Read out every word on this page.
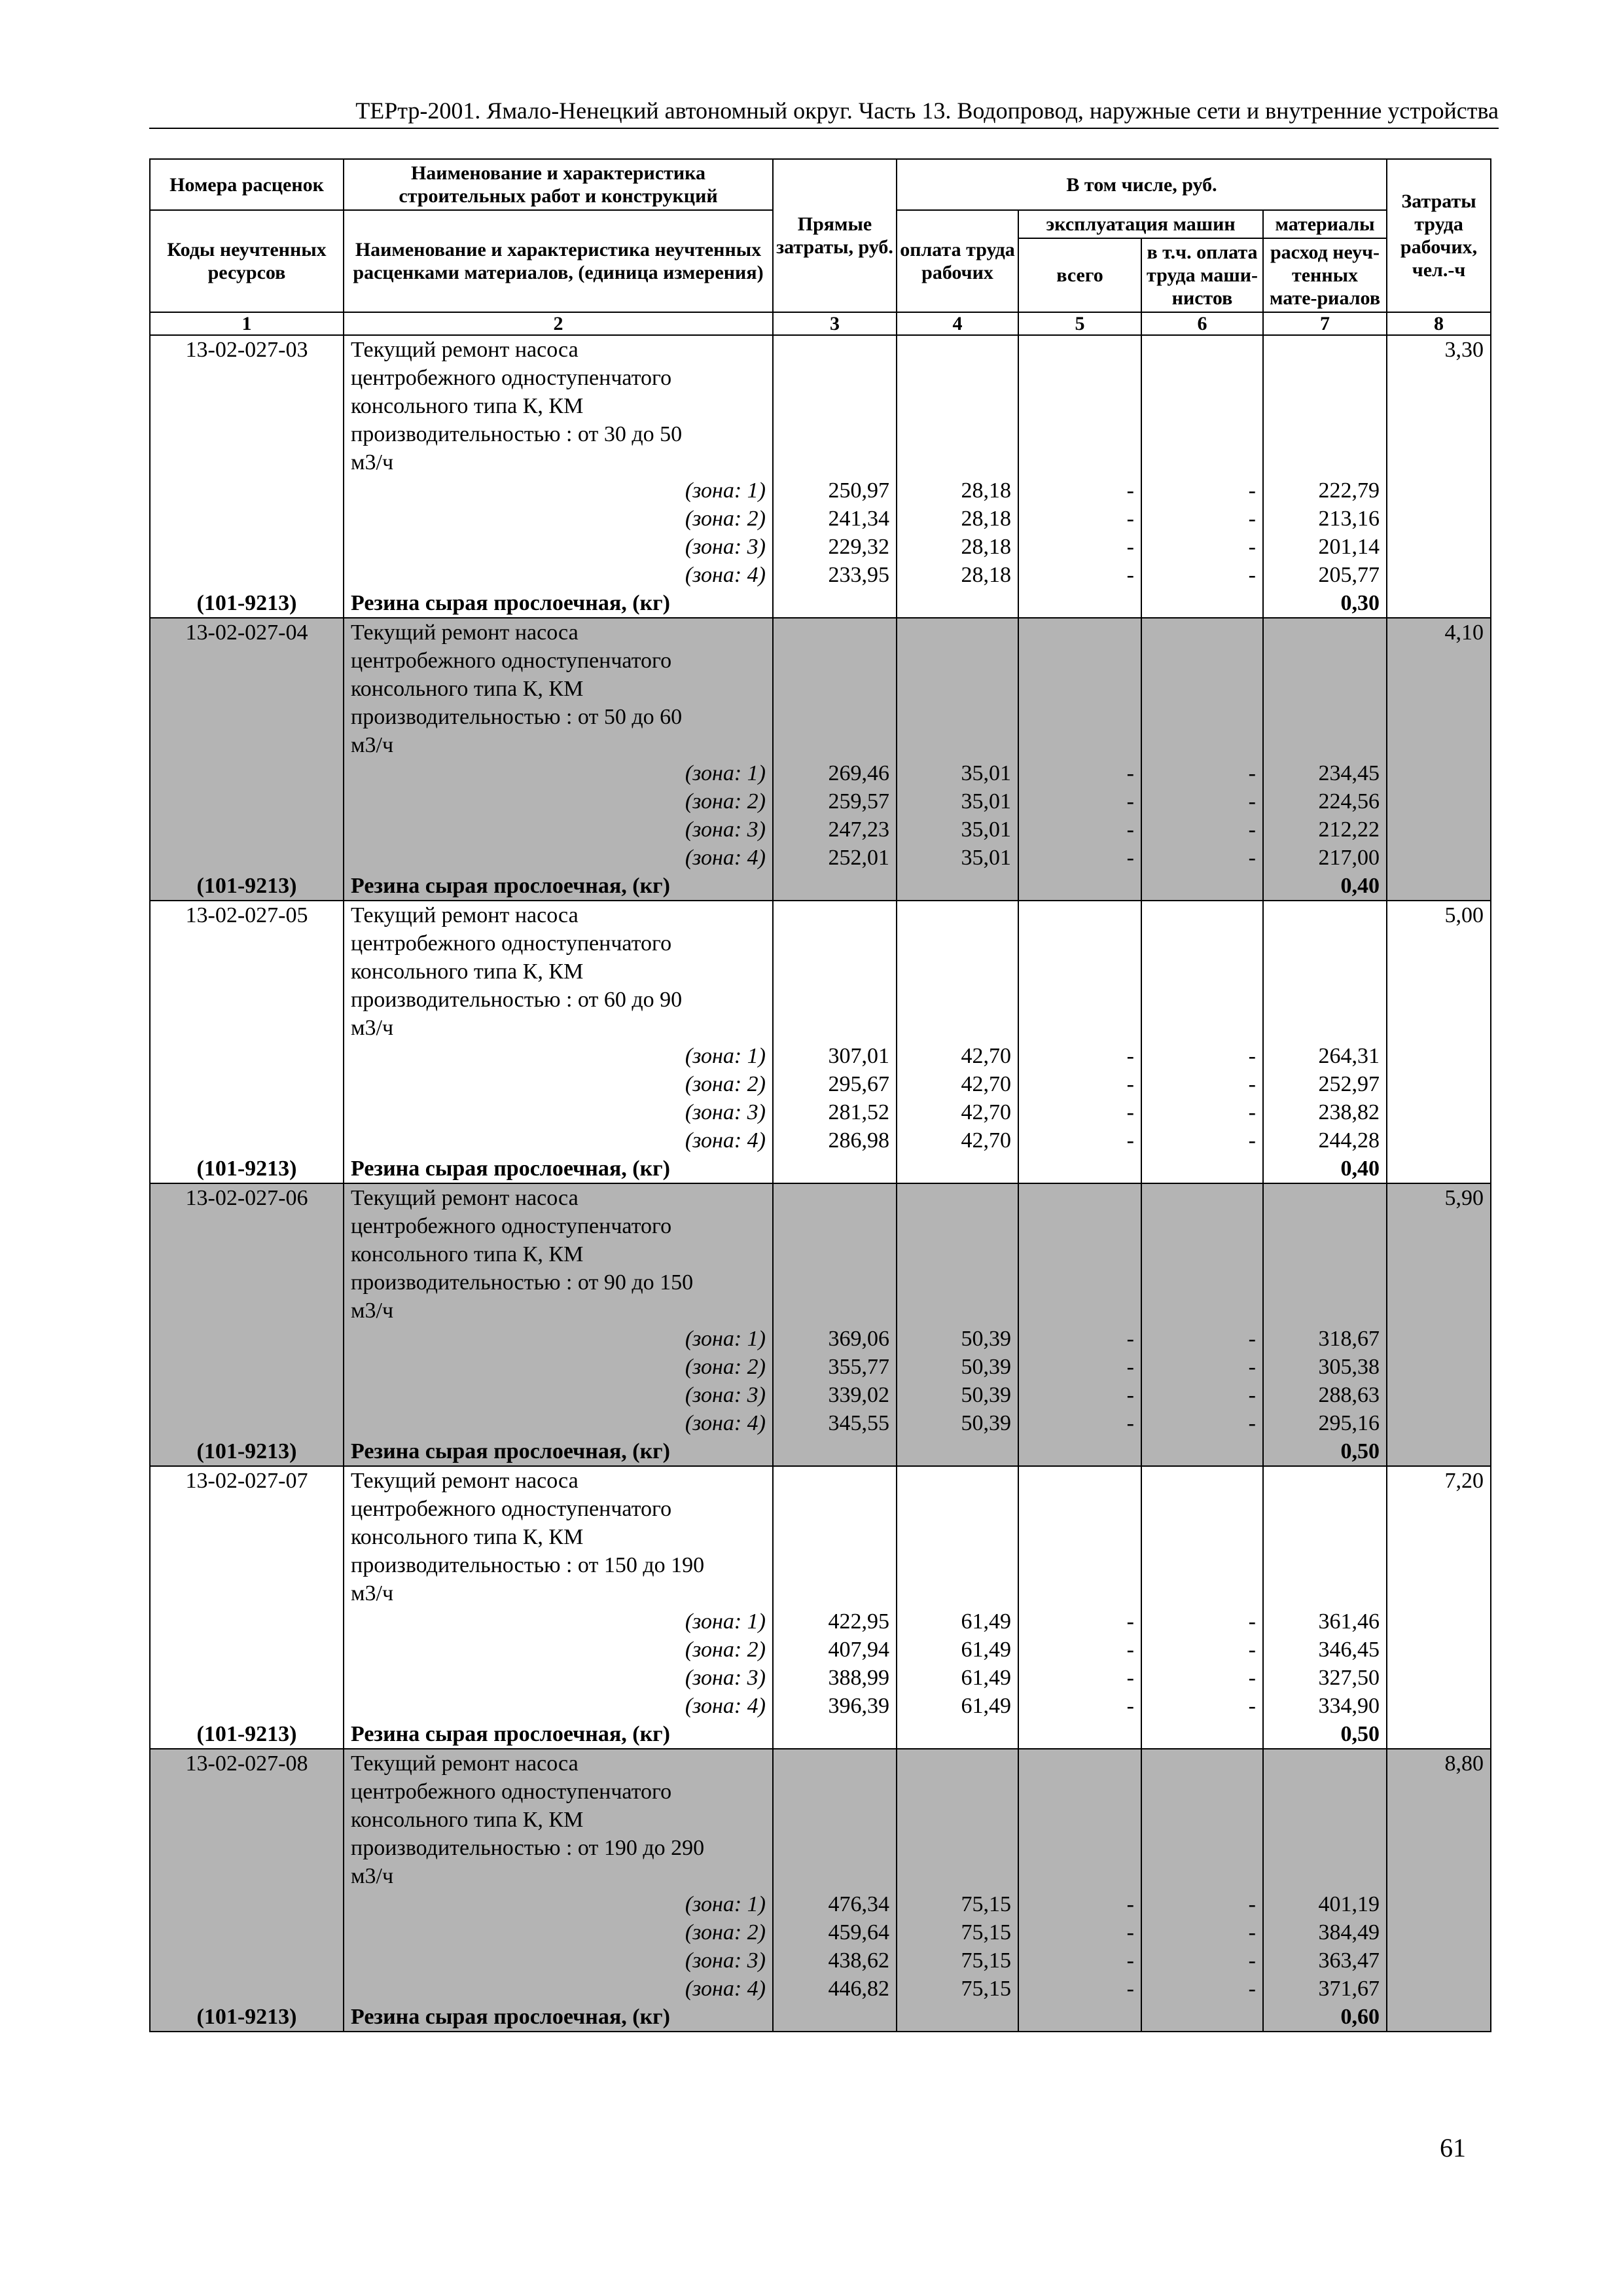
ТЕРтр-2001. Ямало-Ненецкий автономный округ. Часть 13. Водопровод, наружные сети и внутренние устройства
Номера расценок	Наименование и характеристика строительных работ и конструкций	Прямые затраты, руб.	В том числе, руб.				Затраты труда рабочих, чел.-ч
Коды неучтенных ресурсов	Наименование и характеристика неучтенных расценками материалов, (единица измерения)		оплата труда рабочих	эксплуатация машин		материалы	
				всего	в т.ч. оплата труда маши-нистов	расход неуч-тенных мате-риалов	
1	2	3	4	5	6	7	8
13-02-027-03	Текущий ремонт насоса						3,30
	центробежного одноступенчатого						
	консольного типа К, КМ						
	производительностью : от 30 до 50						
	м3/ч						
	(зона: 1)	250,97	28,18	-	-	222,79	
	(зона: 2)	241,34	28,18	-	-	213,16	
	(зона: 3)	229,32	28,18	-	-	201,14	
	(зона: 4)	233,95	28,18	-	-	205,77	
(101-9213)	Резина сырая прослоечная, (кг)					0,30	
13-02-027-04	Текущий ремонт насоса						4,10
	центробежного одноступенчатого						
	консольного типа К, КМ						
	производительностью : от 50 до 60						
	м3/ч						
	(зона: 1)	269,46	35,01	-	-	234,45	
	(зона: 2)	259,57	35,01	-	-	224,56	
	(зона: 3)	247,23	35,01	-	-	212,22	
	(зона: 4)	252,01	35,01	-	-	217,00	
(101-9213)	Резина сырая прослоечная, (кг)					0,40	
13-02-027-05	Текущий ремонт насоса						5,00
	центробежного одноступенчатого						
	консольного типа К, КМ						
	производительностью : от 60 до 90						
	м3/ч						
	(зона: 1)	307,01	42,70	-	-	264,31	
	(зона: 2)	295,67	42,70	-	-	252,97	
	(зона: 3)	281,52	42,70	-	-	238,82	
	(зона: 4)	286,98	42,70	-	-	244,28	
(101-9213)	Резина сырая прослоечная, (кг)					0,40	
13-02-027-06	Текущий ремонт насоса						5,90
	центробежного одноступенчатого						
	консольного типа К, КМ						
	производительностью : от 90 до 150						
	м3/ч						
	(зона: 1)	369,06	50,39	-	-	318,67	
	(зона: 2)	355,77	50,39	-	-	305,38	
	(зона: 3)	339,02	50,39	-	-	288,63	
	(зона: 4)	345,55	50,39	-	-	295,16	
(101-9213)	Резина сырая прослоечная, (кг)					0,50	
13-02-027-07	Текущий ремонт насоса						7,20
	центробежного одноступенчатого						
	консольного типа К, КМ						
	производительностью : от 150 до 190						
	м3/ч						
	(зона: 1)	422,95	61,49	-	-	361,46	
	(зона: 2)	407,94	61,49	-	-	346,45	
	(зона: 3)	388,99	61,49	-	-	327,50	
	(зона: 4)	396,39	61,49	-	-	334,90	
(101-9213)	Резина сырая прослоечная, (кг)					0,50	
13-02-027-08	Текущий ремонт насоса						8,80
	центробежного одноступенчатого						
	консольного типа К, КМ						
	производительностью : от 190 до 290						
	м3/ч						
	(зона: 1)	476,34	75,15	-	-	401,19	
	(зона: 2)	459,64	75,15	-	-	384,49	
	(зона: 3)	438,62	75,15	-	-	363,47	
	(зона: 4)	446,82	75,15	-	-	371,67	
(101-9213)	Резина сырая прослоечная, (кг)					0,60	
61
